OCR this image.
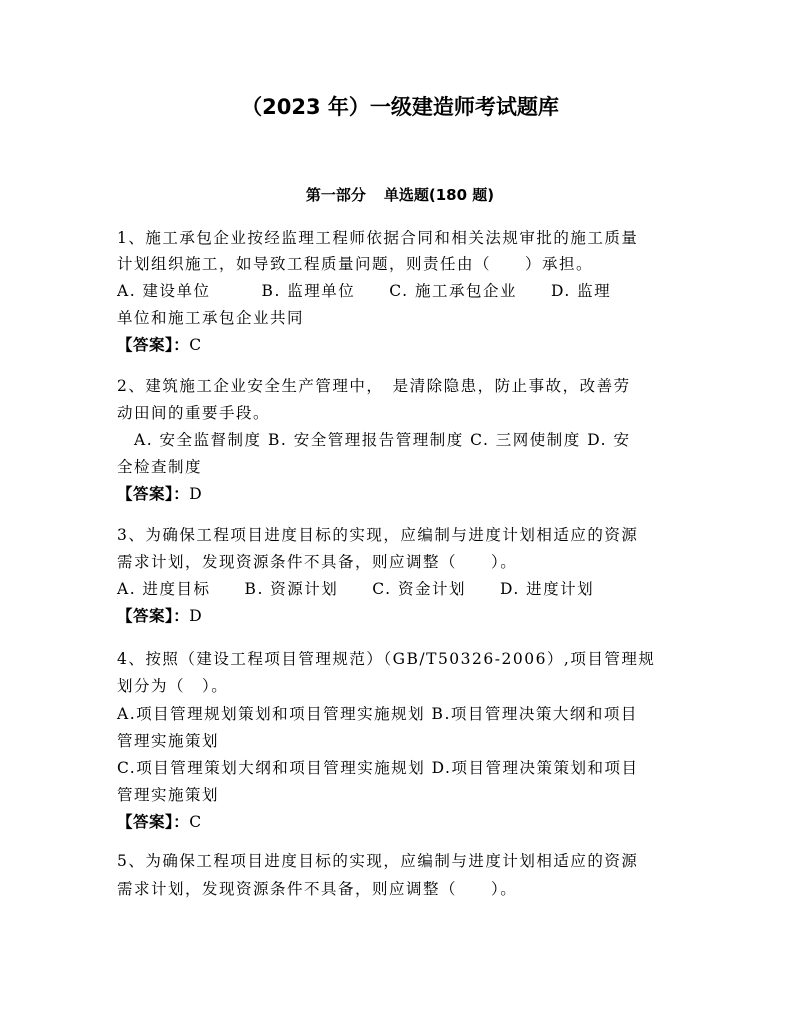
（2023 年）一级建造师考试题库
第一部分 单选题(180 题)
1、施工承包企业按经监理工程师依据合同和相关法规审批的施工质量
计划组织施工，如导致工程质量问题，则责任由（　　）承担。
A. 建设单位　　　B. 监理单位　　C. 施工承包企业　　D. 监理
单位和施工承包企业共同
【答案】：C
2、建筑施工企业安全生产管理中，　是清除隐患，防止事故，改善劳
动田间的重要手段。
　A. 安全监督制度 B. 安全管理报告管理制度 C. 三网使制度 D. 安
全检查制度
【答案】：D
3、为确保工程项目进度目标的实现，应编制与进度计划相适应的资源
需求计划，发现资源条件不具备，则应调整（　　）。
A. 进度目标　　B. 资源计划　　C. 资金计划　　D. 进度计划
【答案】：D
4、按照（建设工程项目管理规范）（GB/T50326-2006）,项目管理规
划分为（　）。
A.项目管理规划策划和项目管理实施规划 B.项目管理决策大纲和项目
管理实施策划
C.项目管理策划大纲和项目管理实施规划 D.项目管理决策策划和项目
管理实施策划
【答案】：C
5、为确保工程项目进度目标的实现，应编制与进度计划相适应的资源
需求计划，发现资源条件不具备，则应调整（　　）。
